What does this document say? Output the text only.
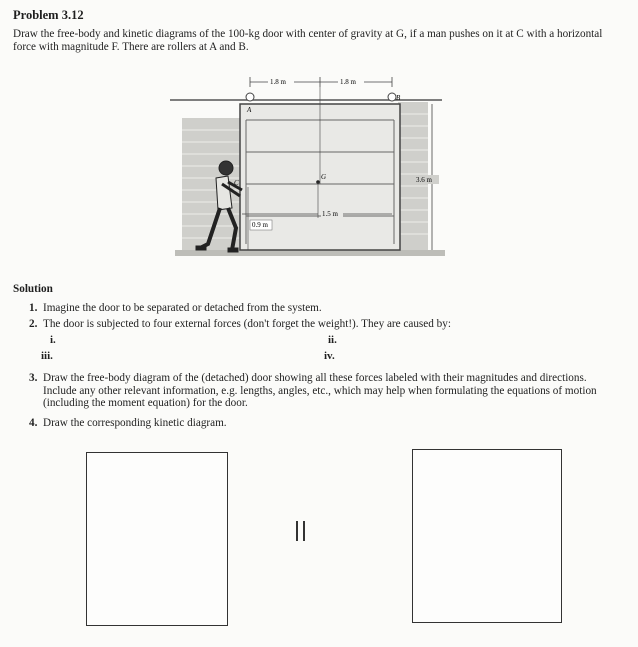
Problem 3.12
Draw the free-body and kinetic diagrams of the 100-kg door with center of gravity at G, if a man pushes on it at C with a horizontal force with magnitude F. There are rollers at A and B.
A
B
1.8 m	1.8 m
G	3.6 m
1.5 m
0.9 m
C
Solution
1. Imagine the door to be separated or detached from the system.
2. The door is subjected to four external forces (don't forget the weight!). They are caused by:
i.	ii.
iii.	iv.
3. Draw the free-body diagram of the (detached) door showing all these forces labeled with their magnitudes and directions. Include any other relevant information, e.g. lengths, angles, etc., which may help when formulating the equations of motion (including the moment equation) for the door.
4. Draw the corresponding kinetic diagram.
